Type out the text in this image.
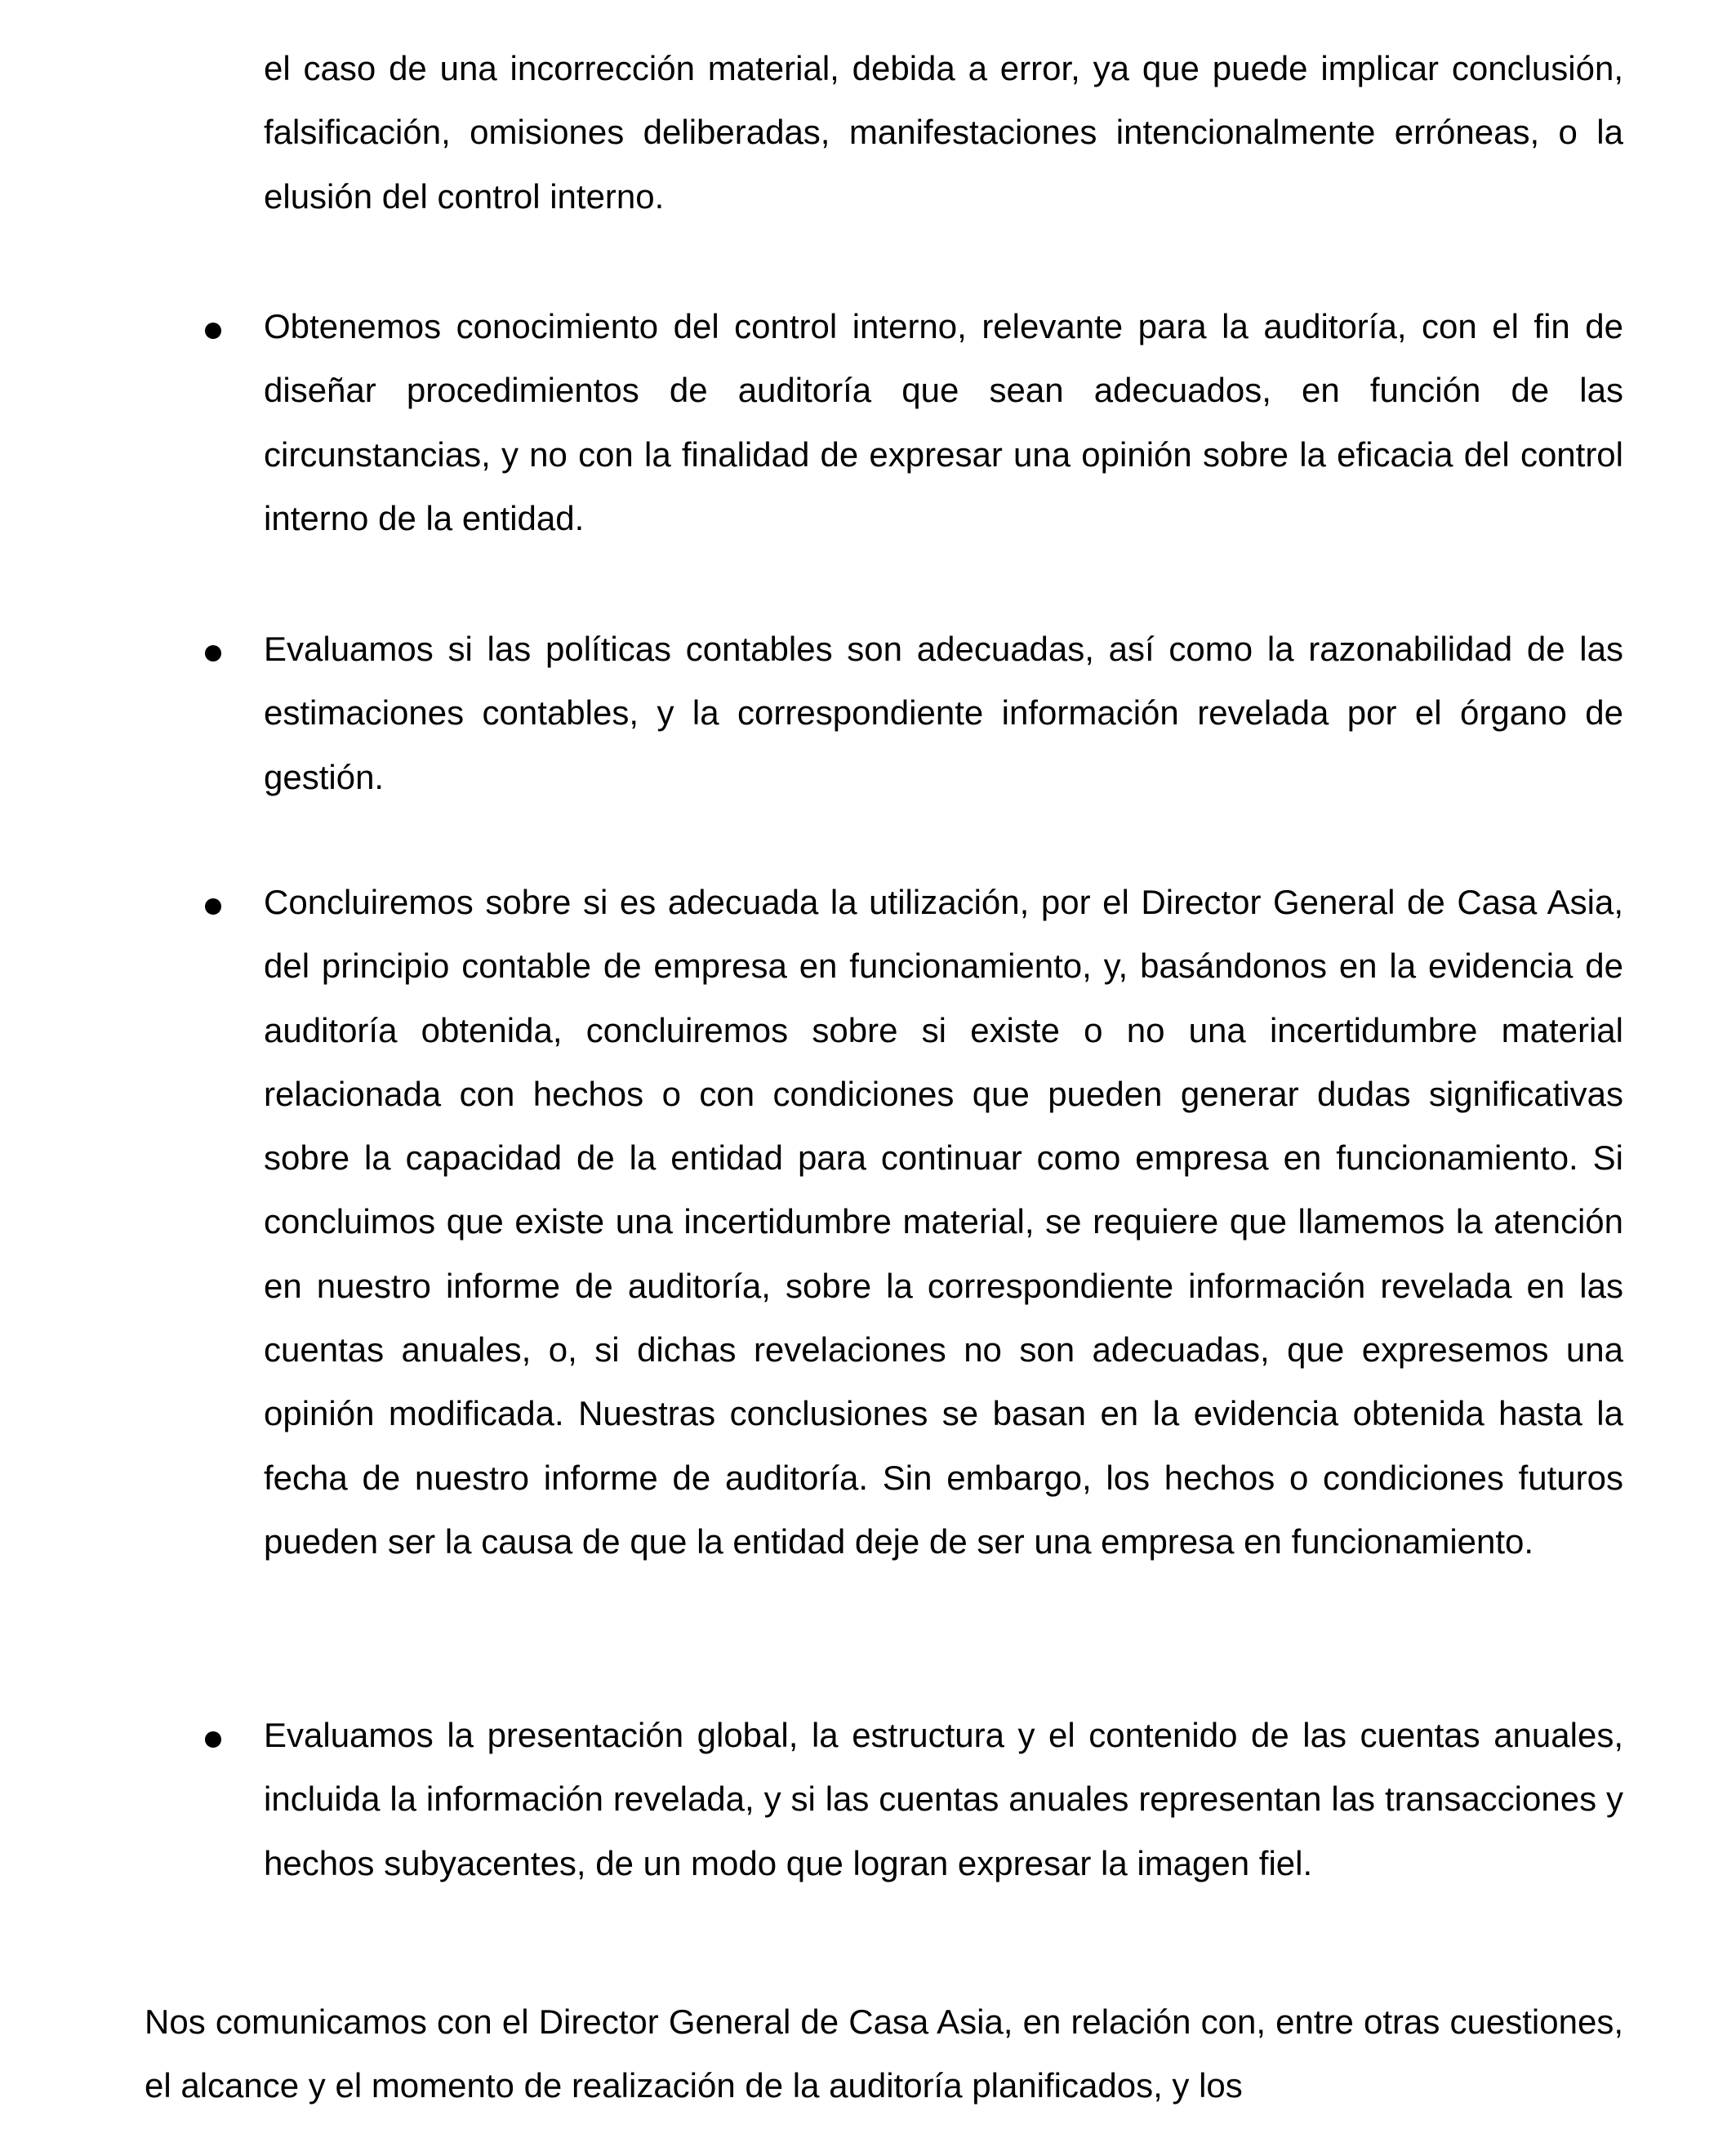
el caso de una incorrección material, debida a error, ya que puede implicar conclusión, falsificación, omisiones deliberadas, manifestaciones intencionalmente erróneas, o la elusión del control interno.

Obtenemos conocimiento del control interno, relevante para la auditoría, con el fin de diseñar procedimientos de auditoría que sean adecuados, en función de las circunstancias, y no con la finalidad de expresar una opinión sobre la eficacia del control interno de la entidad.

Evaluamos si las políticas contables son adecuadas, así como la razonabilidad de las estimaciones contables, y la correspondiente información revelada por el órgano de gestión.

Concluiremos sobre si es adecuada la utilización, por el Director General de Casa Asia, del principio contable de empresa en funcionamiento, y, basándonos en la evidencia de auditoría obtenida, concluiremos sobre si existe o no una incertidumbre material relacionada con hechos o con condiciones que pueden generar dudas significativas sobre la capacidad de la entidad para continuar como empresa en funcionamiento. Si concluimos que existe una incertidumbre material, se requiere que llamemos la atención en nuestro informe de auditoría, sobre la correspondiente información revelada en las cuentas anuales, o, si dichas revelaciones no son adecuadas, que expresemos una opinión modificada. Nuestras conclusiones se basan en la evidencia obtenida hasta la fecha de nuestro informe de auditoría. Sin embargo, los hechos o condiciones futuros pueden ser la causa de que la entidad deje de ser una empresa en funcionamiento.

Evaluamos la presentación global, la estructura y el contenido de las cuentas anuales, incluida la información revelada, y si las cuentas anuales representan las transacciones y hechos subyacentes, de un modo que logran expresar la imagen fiel.

Nos comunicamos con el Director General de Casa Asia, en relación con, entre otras cuestiones, el alcance y el momento de realización de la auditoría planificados, y los
